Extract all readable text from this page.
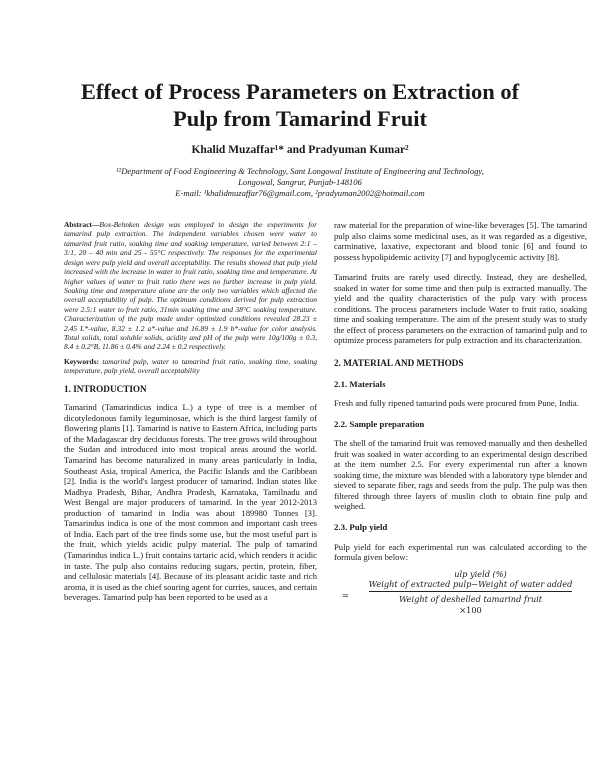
Effect of Process Parameters on Extraction of
Pulp from Tamarind Fruit
Khalid Muzaffar¹* and Pradyuman Kumar²
¹²Department of Food Engineering & Technology, Sant Longowal Institute of Engineering and Technology,
Longowal, Sangrur, Punjab-148106
E-mail: ¹khalidmuzaffar76@gmail.com, ²pradyuman2002@hotmail.com

Abstract—Box-Behnken design was employed to design the experiments for tamarind pulp extraction. The independent variables chosen were water to tamarind fruit ratio, soaking time and soaking temperature, varied between 2:1 – 3:1, 20 – 40 min and 25 - 55°C respectively. The responses for the experimental design were pulp yield and overall acceptability. The results showed that pulp yield increased with the increase in water to fruit ratio, soaking time and temperature. At higher values of water to fruit ratio there was no further increase in pulp yield. Soaking time and temperature alone are the only two variables which affected the overall acceptability of pulp. The optimum conditions derived for pulp extraction were 2.5:1 water to fruit ratio, 31min soaking time and 38°C soaking temperature. Characterization of the pulp made under optimized conditions revealed 28.23 ± 2.45 L*-value, 8.32 ± 1.2 a*-value and 16.89 ± 1.9 b*-value for color analysis. Total solids, total soluble solids, acidity and pH of the pulp were 10g/100g ± 0.3, 8.4 ± 0.2°B, 11.86 ± 0.4% and 2.24 ± 0.2 respectively.

Keywords: tamarind pulp, water to tamarind fruit ratio, soaking time, soaking temperature, pulp yield, overall acceptability

1. INTRODUCTION

Tamarind (Tamarindicus indica L.) a type of tree is a member of dicotyledonous family leguminosae, which is the third largest family of flowering plants [1]. Tamarind is native to Eastern Africa, including parts of the Madagascar dry deciduous forests. The tree grows wild throughout the Sudan and introduced into most tropical areas around the world. Tamarind has become naturalized in many areas particularly in India, Southeast Asia, tropical America, the Pacific Islands and the Caribbean [2]. India is the world's largest producer of tamarind. Indian states like Madhya Pradesh, Bihar, Andhra Pradesh, Karnataka, Tamilnadu and West Bengal are major producers of tamarind. In the year 2012-2013 production of tamarind in India was about 189980 Tonnes [3]. Tamarindus indica is one of the most common and important cash trees of India. Each part of the tree finds some use, but the most useful part is the fruit, which yields acidic pulpy material. The pulp of tamarind (Tamarindus indica L.) fruit contains tartaric acid, which renders it acidic in taste. The pulp also contains reducing sugars, pectin, protein, fiber, and cellulosic materials [4]. Because of its pleasant acidic taste and rich aroma, it is used as the chief souring agent for curries, sauces, and certain beverages. Tamarind pulp has been reported to be used as a

raw material for the preparation of wine-like beverages [5]. The tamarind pulp also claims some medicinal uses, as it was regarded as a digestive, carminative, laxative, expectorant and blood tonic [6] and found to possess hypolipidemic activity [7] and hypoglycemic activity [8].

Tamarind fruits are rarely used directly. Instead, they are deshelled, soaked in water for some time and then pulp is extracted manually. The yield and the quality characteristics of the pulp vary with process conditions. The process parameters include Water to fruit ratio, soaking time and soaking temperature. The aim of the present study was to study the effect of process parameters on the extraction of tamarind pulp and to optimize process parameters for pulp extraction and its characterization.

2. MATERIAL AND METHODS
2.1. Materials

Fresh and fully ripened tamarind pods were procured from Pune, India.

2.2. Sample preparation

The shell of the tamarind fruit was removed manually and then deshelled fruit was soaked in water according to an experimental design described at the item number 2.5. For every experimental run after a known soaking time, the mixture was blended with a laboratory type blender and sieved to separate fiber, rags and seeds from the pulp. The pulp was then filtered through three layers of muslin cloth to obtain fine pulp and weighed.

2.3. Pulp yield

Pulp yield for each experimental run was calculated according to the formula given below:

ulp yield (%)
=
Weight of extracted pulp−Weight of water added
Weight of deshelled tamarind fruit
×100
